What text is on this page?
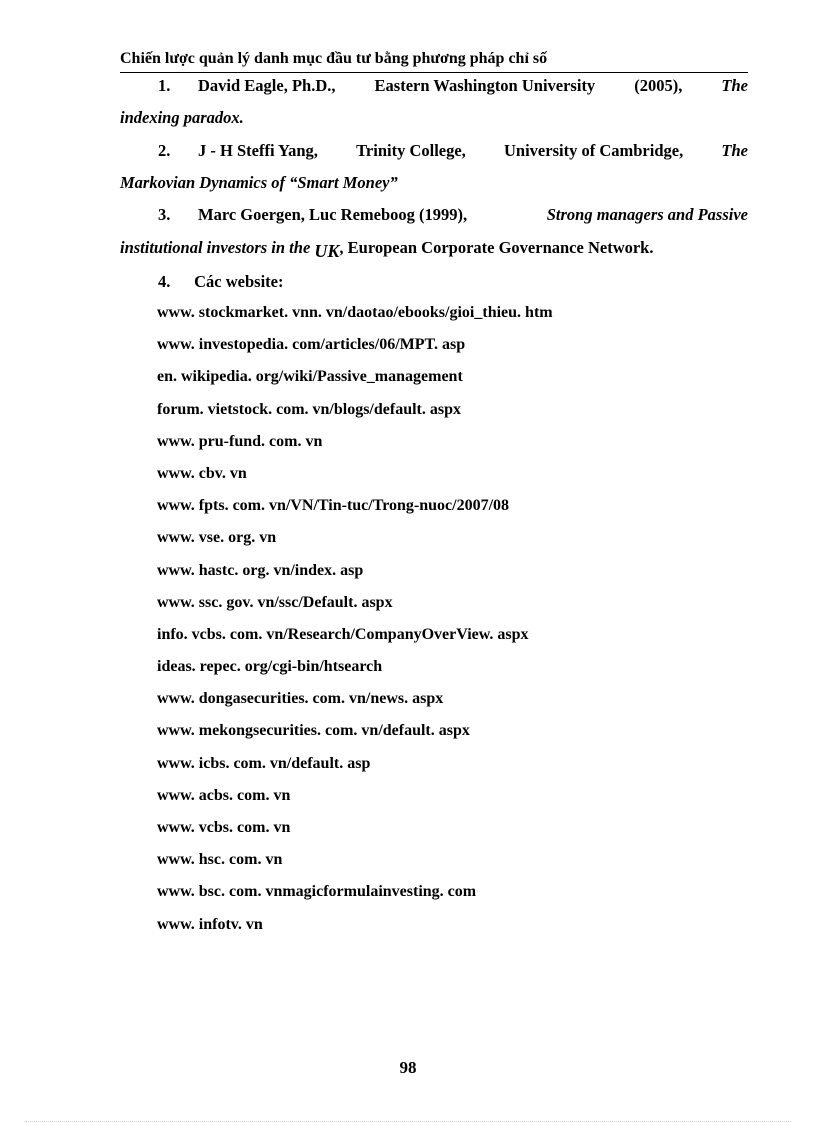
Chiến lược quản lý danh mục đầu tư bằng phương pháp chỉ số
1.	David Eagle, Ph.D., Eastern Washington University (2005), The
indexing paradox.
2.	J - H Steffi Yang, Trinity College, University of Cambridge, The
Markovian Dynamics of “Smart Money”
3.	Marc Goergen, Luc Remeboog (1999),	Strong managers and Passive
institutional investors in the UK, European Corporate Governance Network.
4. Các website:
www. stockmarket. vnn. vn/daotao/ebooks/gioi_thieu. htm
www. investopedia. com/articles/06/MPT. asp
en. wikipedia. org/wiki/Passive_management
forum. vietstock. com. vn/blogs/default. aspx
www. pru-fund. com. vn
www. cbv. vn
www. fpts. com. vn/VN/Tin-tuc/Trong-nuoc/2007/08
www. vse. org. vn
www. hastc. org. vn/index. asp
www. ssc. gov. vn/ssc/Default. aspx
info. vcbs. com. vn/Research/CompanyOverView. aspx
ideas. repec. org/cgi-bin/htsearch
www. dongasecurities. com. vn/news. aspx
www. mekongsecurities. com. vn/default. aspx
www. icbs. com. vn/default. asp
www. acbs. com. vn
www. vcbs. com. vn
www. hsc. com. vn
www. bsc. com. vnmagicformulainvesting. com
www. infotv. vn
98
